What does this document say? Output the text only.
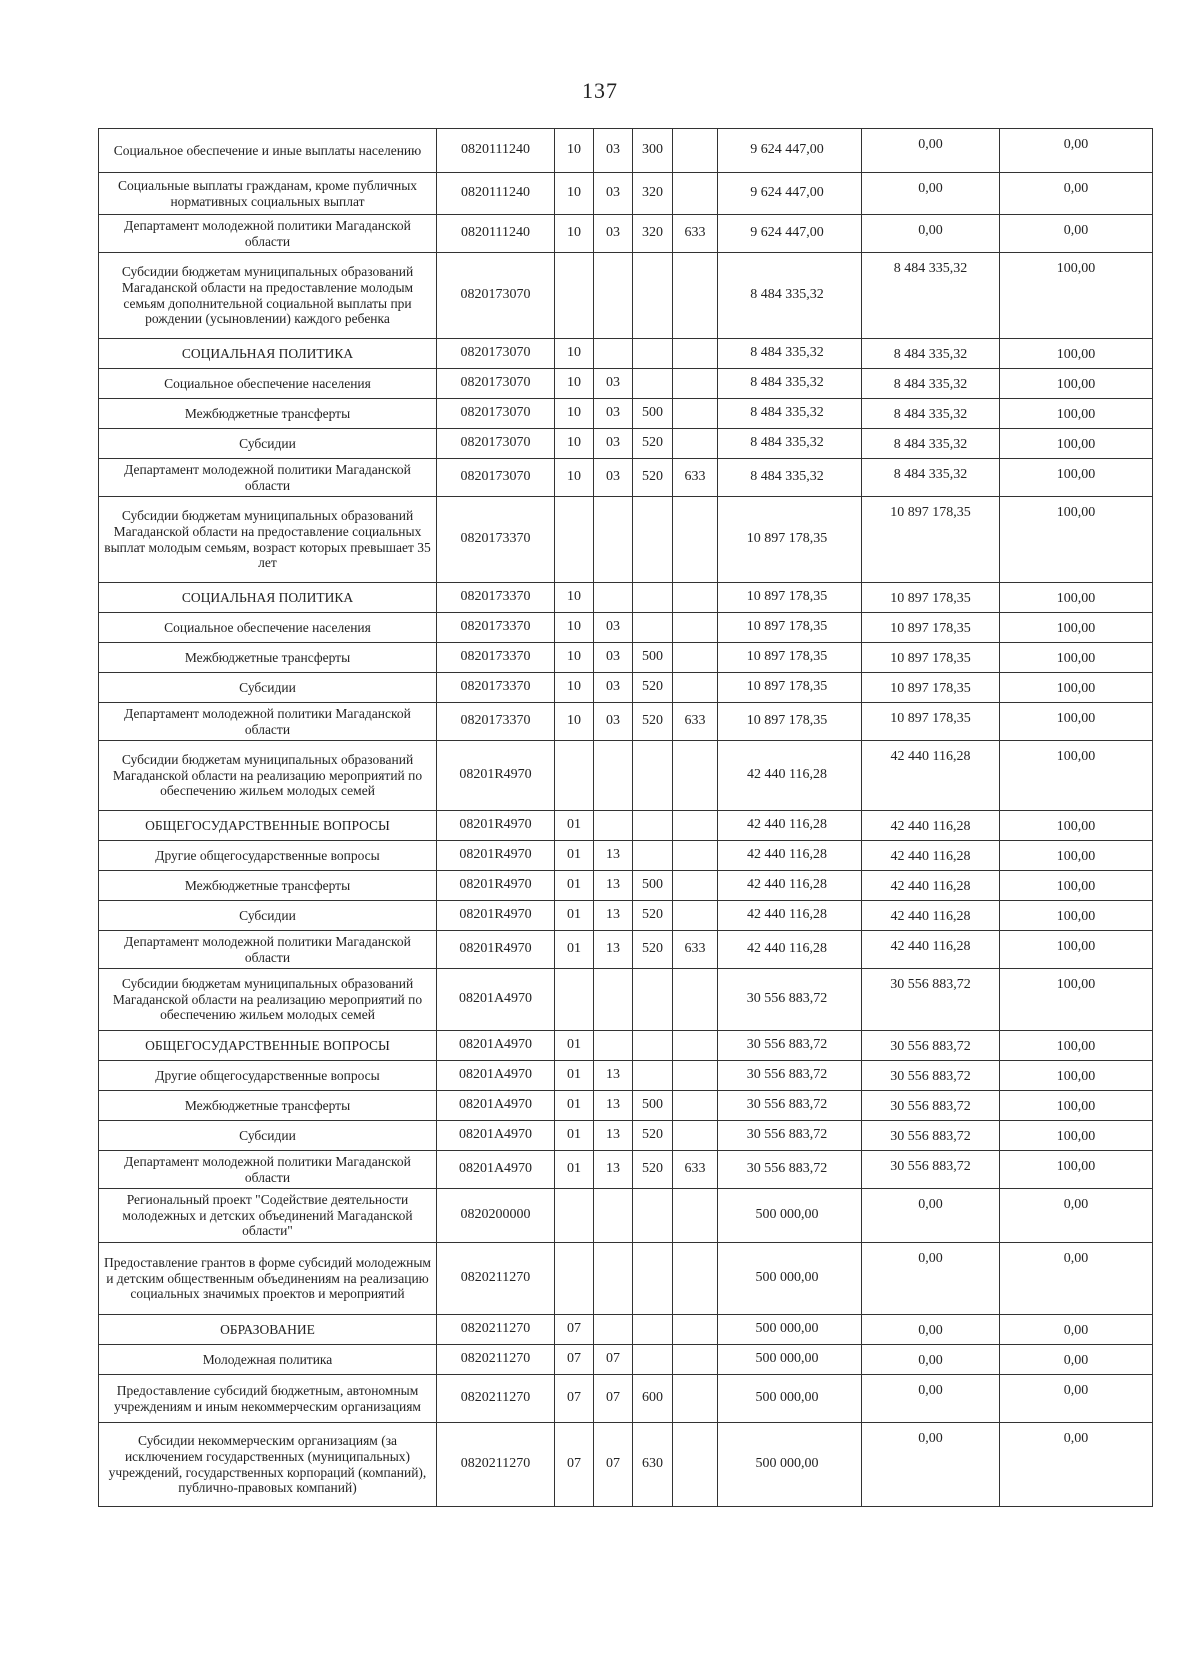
137
Социальное обеспечение и иные выплаты населению	0820111240	10	03	300		9 624 447,00	0,00	0,00
Социальные выплаты гражданам, кроме публичных нормативных социальных выплат	0820111240	10	03	320		9 624 447,00	0,00	0,00
Департамент молодежной политики Магаданской области	0820111240	10	03	320	633	9 624 447,00	0,00	0,00
Субсидии бюджетам муниципальных образований Магаданской области на предоставление молодым семьям дополнительной социальной выплаты при рождении (усыновлении) каждого ребенка	0820173070					8 484 335,32	8 484 335,32	100,00
СОЦИАЛЬНАЯ ПОЛИТИКА	0820173070	10				8 484 335,32	8 484 335,32	100,00
Социальное обеспечение населения	0820173070	10	03			8 484 335,32	8 484 335,32	100,00
Межбюджетные трансферты	0820173070	10	03	500		8 484 335,32	8 484 335,32	100,00
Субсидии	0820173070	10	03	520		8 484 335,32	8 484 335,32	100,00
Департамент молодежной политики Магаданской области	0820173070	10	03	520	633	8 484 335,32	8 484 335,32	100,00
Субсидии бюджетам муниципальных образований Магаданской области на предоставление социальных выплат молодым семьям, возраст которых превышает 35 лет	0820173370					10 897 178,35	10 897 178,35	100,00
СОЦИАЛЬНАЯ ПОЛИТИКА	0820173370	10				10 897 178,35	10 897 178,35	100,00
Социальное обеспечение населения	0820173370	10	03			10 897 178,35	10 897 178,35	100,00
Межбюджетные трансферты	0820173370	10	03	500		10 897 178,35	10 897 178,35	100,00
Субсидии	0820173370	10	03	520		10 897 178,35	10 897 178,35	100,00
Департамент молодежной политики Магаданской области	0820173370	10	03	520	633	10 897 178,35	10 897 178,35	100,00
Субсидии бюджетам муниципальных образований Магаданской области на реализацию мероприятий по обеспечению жильем молодых семей	08201R4970					42 440 116,28	42 440 116,28	100,00
ОБЩЕГОСУДАРСТВЕННЫЕ ВОПРОСЫ	08201R4970	01				42 440 116,28	42 440 116,28	100,00
Другие общегосударственные вопросы	08201R4970	01	13			42 440 116,28	42 440 116,28	100,00
Межбюджетные трансферты	08201R4970	01	13	500		42 440 116,28	42 440 116,28	100,00
Субсидии	08201R4970	01	13	520		42 440 116,28	42 440 116,28	100,00
Департамент молодежной политики Магаданской области	08201R4970	01	13	520	633	42 440 116,28	42 440 116,28	100,00
Субсидии бюджетам муниципальных образований Магаданской области на реализацию мероприятий по обеспечению жильем молодых семей	08201A4970					30 556 883,72	30 556 883,72	100,00
ОБЩЕГОСУДАРСТВЕННЫЕ ВОПРОСЫ	08201A4970	01				30 556 883,72	30 556 883,72	100,00
Другие общегосударственные вопросы	08201A4970	01	13			30 556 883,72	30 556 883,72	100,00
Межбюджетные трансферты	08201A4970	01	13	500		30 556 883,72	30 556 883,72	100,00
Субсидии	08201A4970	01	13	520		30 556 883,72	30 556 883,72	100,00
Департамент молодежной политики Магаданской области	08201A4970	01	13	520	633	30 556 883,72	30 556 883,72	100,00
Региональный проект "Содействие деятельности молодежных и детских объединений Магаданской области"	0820200000					500 000,00	0,00	0,00
Предоставление грантов в форме субсидий молодежным и детским общественным объединениям на реализацию социальных значимых проектов и мероприятий	0820211270					500 000,00	0,00	0,00
ОБРАЗОВАНИЕ	0820211270	07				500 000,00	0,00	0,00
Молодежная политика	0820211270	07	07			500 000,00	0,00	0,00
Предоставление субсидий бюджетным, автономным учреждениям и иным некоммерческим организациям	0820211270	07	07	600		500 000,00	0,00	0,00
Субсидии некоммерческим организациям (за исключением государственных (муниципальных) учреждений, государственных корпораций (компаний), публично-правовых компаний)	0820211270	07	07	630		500 000,00	0,00	0,00
